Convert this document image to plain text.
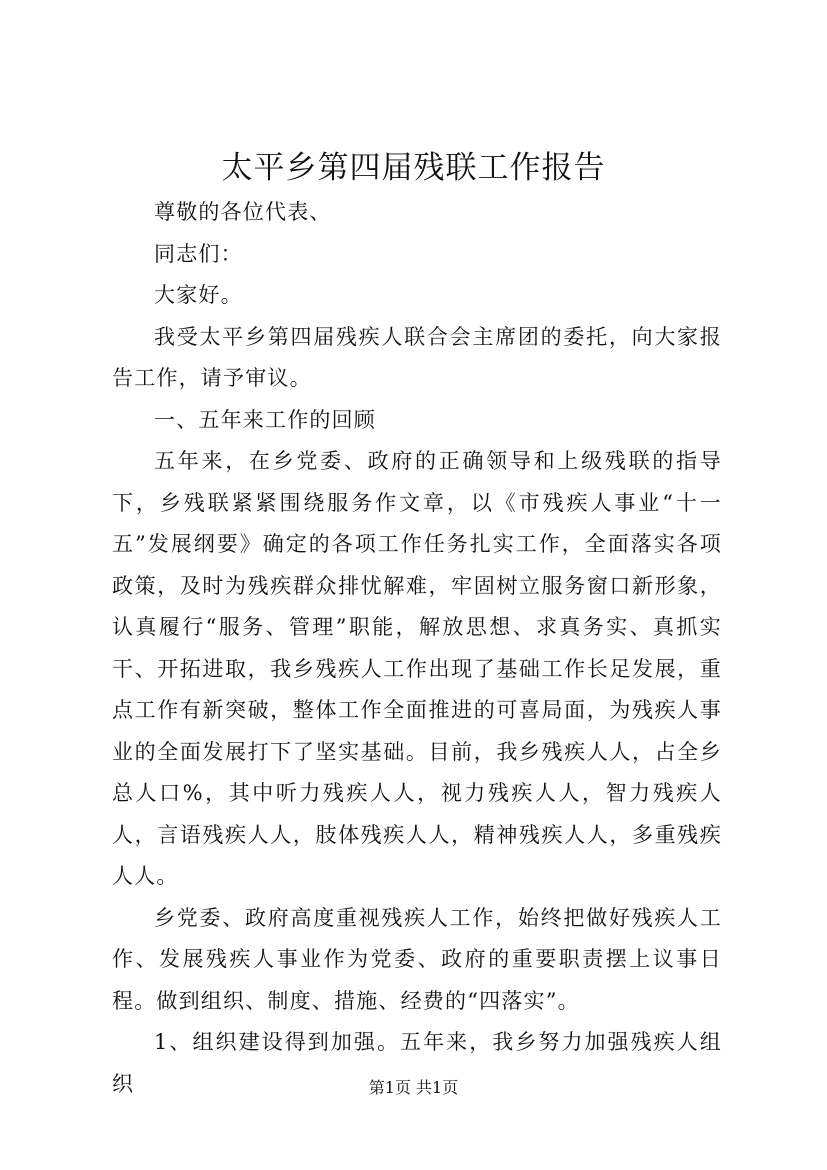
太平乡第四届残联工作报告

尊敬的各位代表、

同志们：

大家好。

我受太平乡第四届残疾人联合会主席团的委托，向大家报告工作，请予审议。

一、五年来工作的回顾

五年来，在乡党委、政府的正确领导和上级残联的指导下，乡残联紧紧围绕服务作文章，以《市残疾人事业“十一五”发展纲要》确定的各项工作任务扎实工作，全面落实各项政策，及时为残疾群众排忧解难，牢固树立服务窗口新形象，认真履行“服务、管理”职能，解放思想、求真务实、真抓实干、开拓进取，我乡残疾人工作出现了基础工作长足发展，重点工作有新突破，整体工作全面推进的可喜局面，为残疾人事业的全面发展打下了坚实基础。目前，我乡残疾人人，占全乡总人口%，其中听力残疾人人，视力残疾人人，智力残疾人人，言语残疾人人，肢体残疾人人，精神残疾人人，多重残疾人人。

乡党委、政府高度重视残疾人工作，始终把做好残疾人工作、发展残疾人事业作为党委、政府的重要职责摆上议事日程。做到组织、制度、措施、经费的“四落实”。

1、组织建设得到加强。五年来，我乡努力加强残疾人组织	第1页 共1页
